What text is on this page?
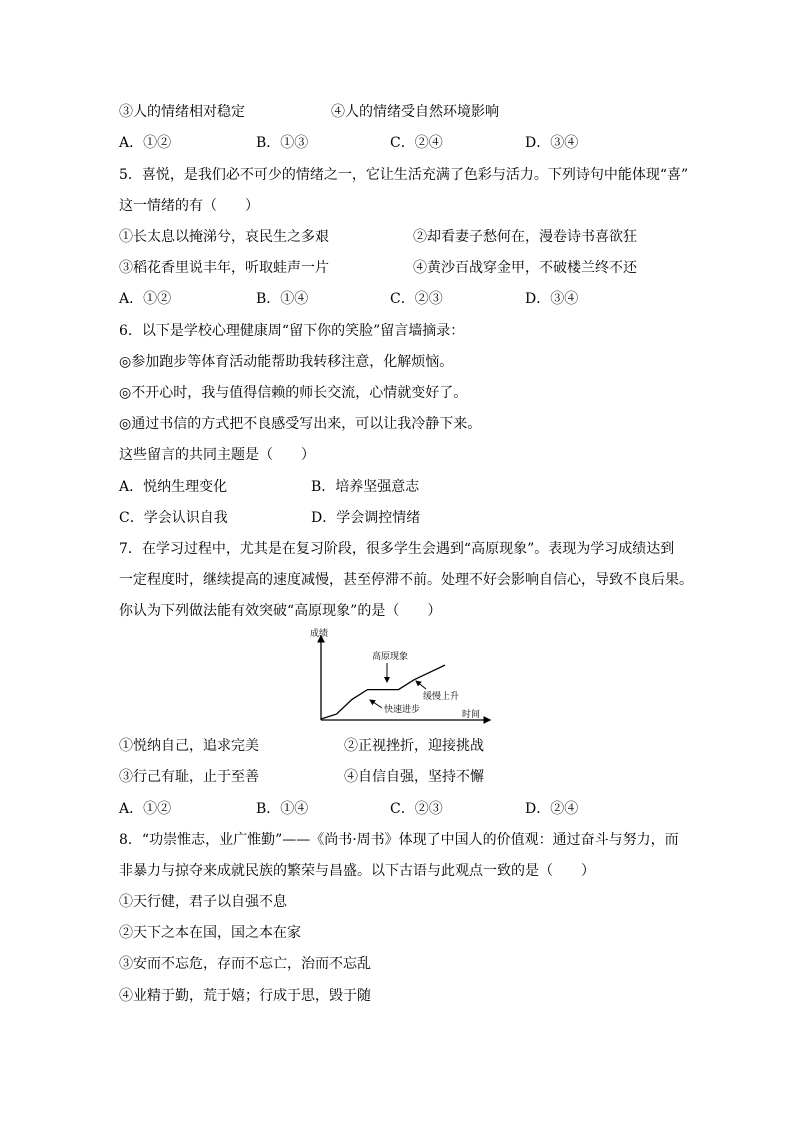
③人的情绪相对稳定	④人的情绪受自然环境影响
A．①②	B．①③	C．②④	D．③④
5．喜悦，是我们必不可少的情绪之一，它让生活充满了色彩与活力。下列诗句中能体现“喜”
这一情绪的有（　　）
①长太息以掩涕兮，哀民生之多艰	②却看妻子愁何在，漫卷诗书喜欲狂
③稻花香里说丰年，听取蛙声一片	④黄沙百战穿金甲，不破楼兰终不还
A．①②	B．①④	C．②③	D．③④
6．以下是学校心理健康周“留下你的笑脸”留言墙摘录：
◎参加跑步等体育活动能帮助我转移注意，化解烦恼。
◎不开心时，我与值得信赖的师长交流，心情就变好了。
◎通过书信的方式把不良感受写出来，可以让我冷静下来。
这些留言的共同主题是（　　）
A．悦纳生理变化	B．培养坚强意志
C．学会认识自我	D．学会调控情绪
7．在学习过程中，尤其是在复习阶段，很多学生会遇到“高原现象”。表现为学习成绩达到
一定程度时，继续提高的速度减慢，甚至停滞不前。处理不好会影响自信心，导致不良后果。
你认为下列做法能有效突破“高原现象”的是（　　）
成绩
时间
高原现象
缓慢上升
快速进步
①悦纳自己，追求完美	②正视挫折，迎接挑战
③行己有耻，止于至善	④自信自强，坚持不懈
A．①②	B．①④	C．②③	D．②④
8．“功崇惟志，业广惟勤”——《尚书·周书》体现了中国人的价值观：通过奋斗与努力，而
非暴力与掠夺来成就民族的繁荣与昌盛。以下古语与此观点一致的是（　　）
①天行健，君子以自强不息
②天下之本在国，国之本在家
③安而不忘危，存而不忘亡，治而不忘乱
④业精于勤，荒于嬉；行成于思，毁于随
